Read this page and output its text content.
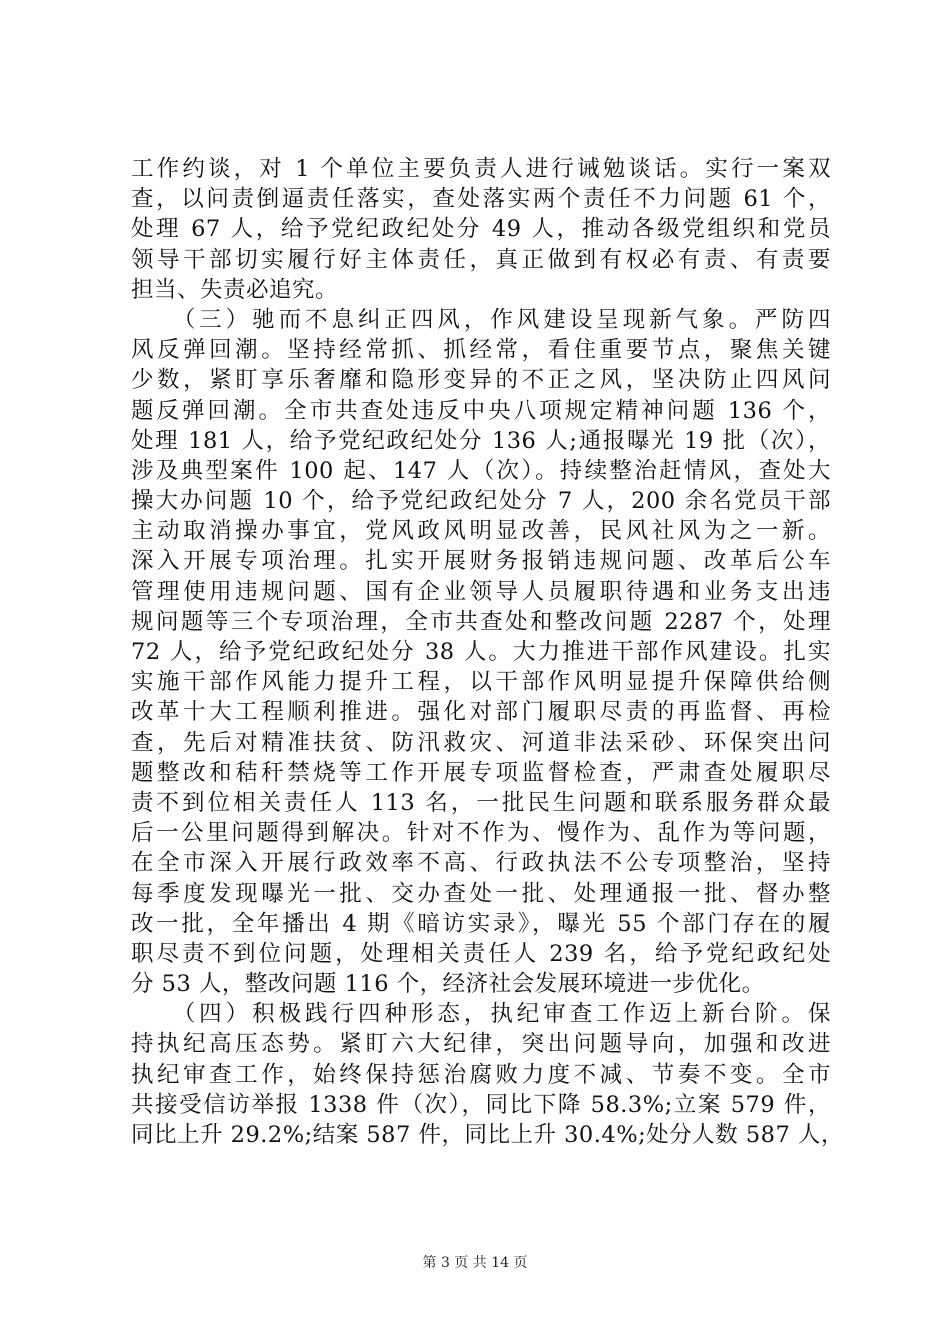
工作约谈，对 1 个单位主要负责人进行诫勉谈话。实行一案双
查，以问责倒逼责任落实，查处落实两个责任不力问题 61 个，
处理 67 人，给予党纪政纪处分 49 人，推动各级党组织和党员
领导干部切实履行好主体责任，真正做到有权必有责、有责要
担当、失责必追究。
　　（三）驰而不息纠正四风，作风建设呈现新气象。严防四
风反弹回潮。坚持经常抓、抓经常，看住重要节点，聚焦关键
少数，紧盯享乐奢靡和隐形变异的不正之风，坚决防止四风问
题反弹回潮。全市共查处违反中央八项规定精神问题 136 个，
处理 181 人，给予党纪政纪处分 136 人;通报曝光 19 批（次），
涉及典型案件 100 起、147 人（次）。持续整治赶情风，查处大
操大办问题 10 个，给予党纪政纪处分 7 人，200 余名党员干部
主动取消操办事宜，党风政风明显改善，民风社风为之一新。
深入开展专项治理。扎实开展财务报销违规问题、改革后公车
管理使用违规问题、国有企业领导人员履职待遇和业务支出违
规问题等三个专项治理，全市共查处和整改问题 2287 个，处理
72 人，给予党纪政纪处分 38 人。大力推进干部作风建设。扎实
实施干部作风能力提升工程，以干部作风明显提升保障供给侧
改革十大工程顺利推进。强化对部门履职尽责的再监督、再检
查，先后对精准扶贫、防汛救灾、河道非法采砂、环保突出问
题整改和秸秆禁烧等工作开展专项监督检查，严肃查处履职尽
责不到位相关责任人 113 名，一批民生问题和联系服务群众最
后一公里问题得到解决。针对不作为、慢作为、乱作为等问题，
在全市深入开展行政效率不高、行政执法不公专项整治，坚持
每季度发现曝光一批、交办查处一批、处理通报一批、督办整
改一批，全年播出 4 期《暗访实录》，曝光 55 个部门存在的履
职尽责不到位问题，处理相关责任人 239 名，给予党纪政纪处
分 53 人，整改问题 116 个，经济社会发展环境进一步优化。
　　（四）积极践行四种形态，执纪审查工作迈上新台阶。保
持执纪高压态势。紧盯六大纪律，突出问题导向，加强和改进
执纪审查工作，始终保持惩治腐败力度不减、节奏不变。全市
共接受信访举报 1338 件（次），同比下降 58.3%;立案 579 件，
同比上升 29.2%;结案 587 件，同比上升 30.4%;处分人数 587 人，
第 3 页 共 14 页
